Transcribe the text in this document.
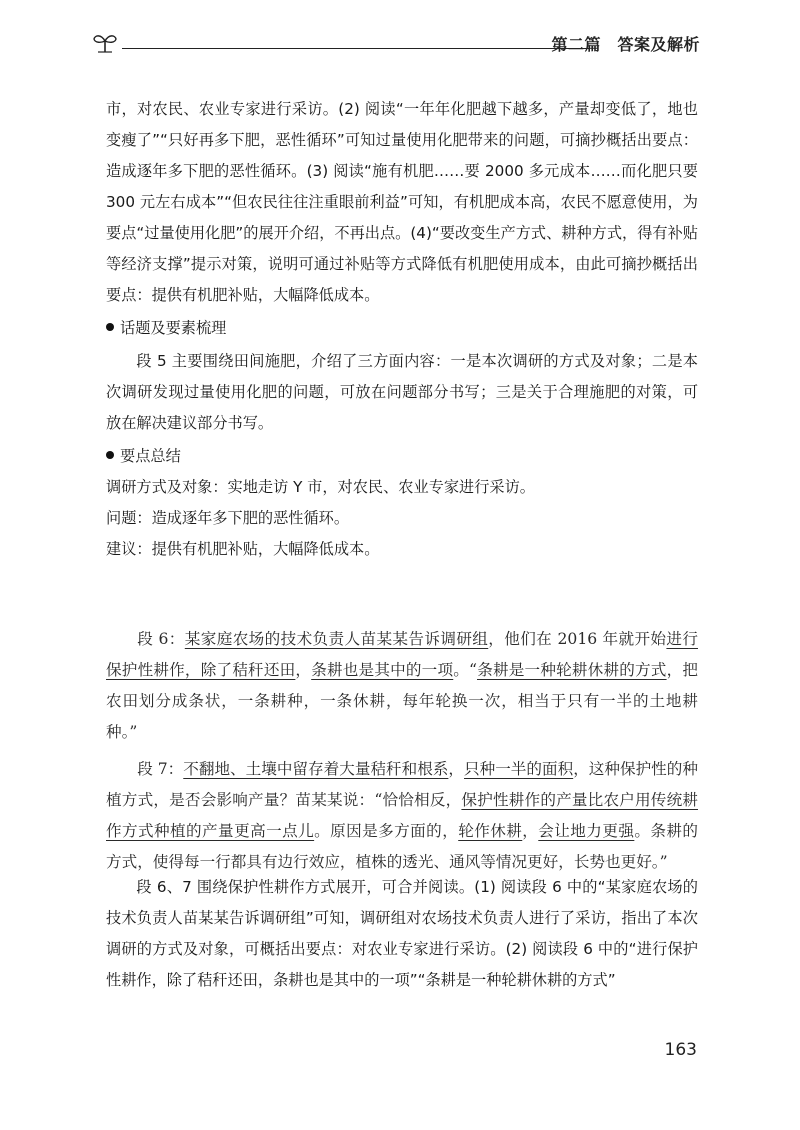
第二篇　答案及解析

市，对农民、农业专家进行采访。(2) 阅读“一年年化肥越下越多，产量却变低了，地也变瘦了”“只好再多下肥，恶性循环”可知过量使用化肥带来的问题，可摘抄概括出要点：造成逐年多下肥的恶性循环。(3) 阅读“施有机肥……要 2000 多元成本……而化肥只要 300 元左右成本”“但农民往往注重眼前利益”可知，有机肥成本高，农民不愿意使用，为要点“过量使用化肥”的展开介绍，不再出点。(4)“要改变生产方式、耕种方式，得有补贴等经济支撑”提示对策，说明可通过补贴等方式降低有机肥使用成本，由此可摘抄概括出要点：提供有机肥补贴，大幅降低成本。

话题及要素梳理

段 5 主要围绕田间施肥，介绍了三方面内容：一是本次调研的方式及对象；二是本次调研发现过量使用化肥的问题，可放在问题部分书写；三是关于合理施肥的对策，可放在解决建议部分书写。

要点总结

调研方式及对象：实地走访 Y 市，对农民、农业专家进行采访。

问题：造成逐年多下肥的恶性循环。

建议：提供有机肥补贴，大幅降低成本。

段 6：某家庭农场的技术负责人苗某某告诉调研组，他们在 2016 年就开始进行保护性耕作，除了秸秆还田，条耕也是其中的一项。“条耕是一种轮耕休耕的方式，把农田划分成条状，一条耕种，一条休耕，每年轮换一次，相当于只有一半的土地耕种。”

段 7：不翻地、土壤中留存着大量秸秆和根系，只种一半的面积，这种保护性的种植方式，是否会影响产量？苗某某说：“恰恰相反，保护性耕作的产量比农户用传统耕作方式种植的产量更高一点儿。原因是多方面的，轮作休耕，会让地力更强。条耕的方式，使得每一行都具有边行效应，植株的透光、通风等情况更好，长势也更好。”

段 6、7 围绕保护性耕作方式展开，可合并阅读。(1) 阅读段 6 中的“某家庭农场的技术负责人苗某某告诉调研组”可知，调研组对农场技术负责人进行了采访，指出了本次调研的方式及对象，可概括出要点：对农业专家进行采访。(2) 阅读段 6 中的“进行保护性耕作，除了秸秆还田，条耕也是其中的一项”“条耕是一种轮耕休耕的方式”

163
